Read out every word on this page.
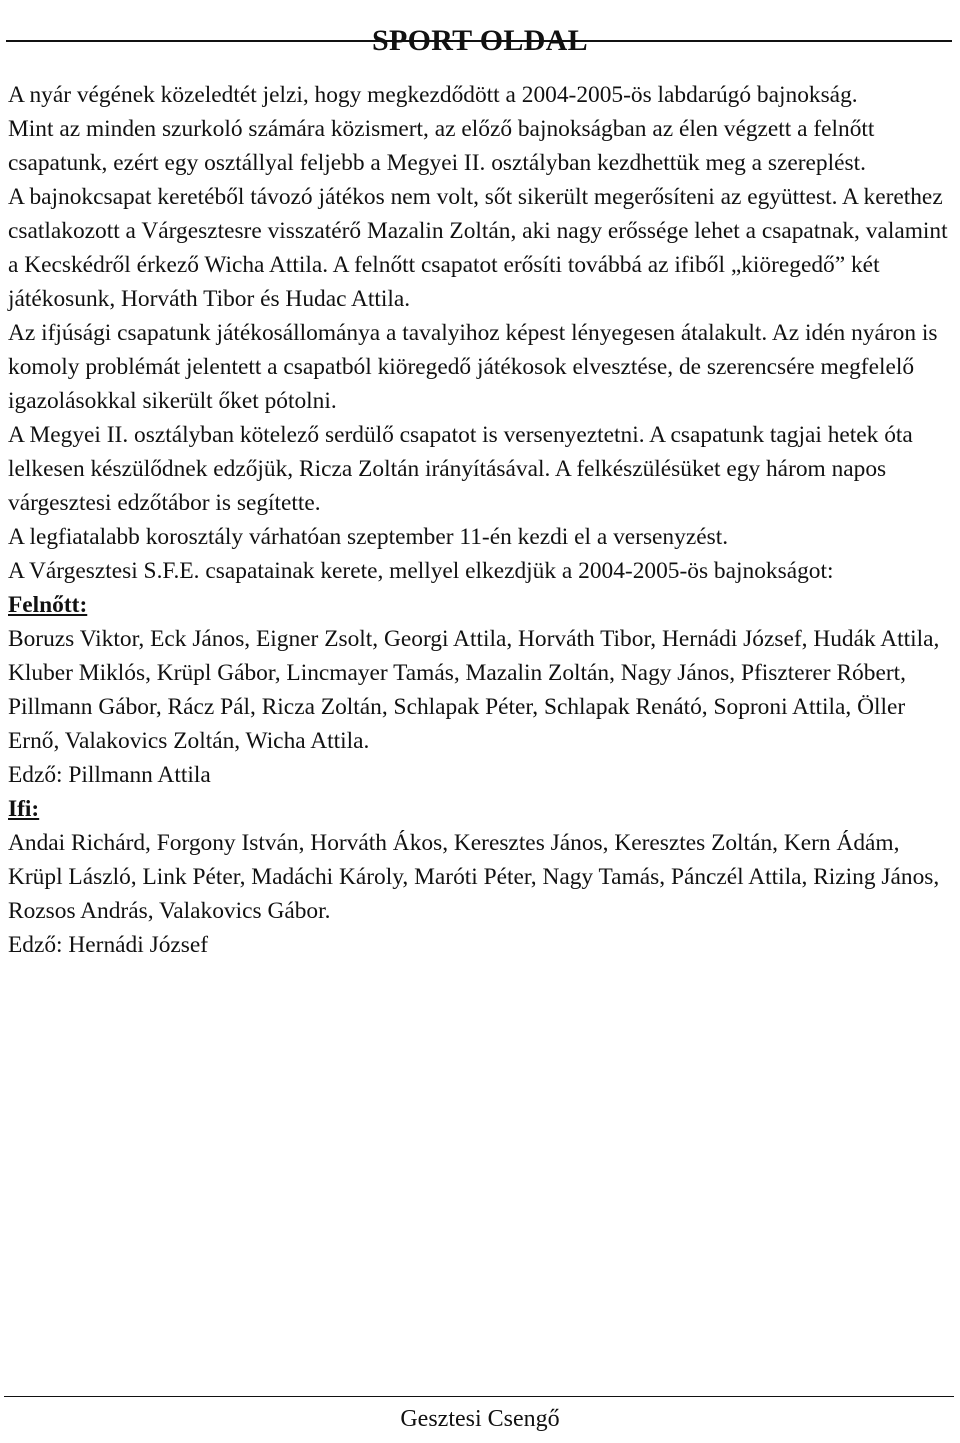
SPORT OLDAL

A nyár végének közeledtét jelzi, hogy megkezdődött a 2004-2005-ös labdarúgó bajnokság.

Mint az minden szurkoló számára közismert, az előző bajnokságban az élen végzett a felnőtt csapatunk, ezért egy osztállyal feljebb a Megyei II. osztályban kezdhettük meg a szereplést.

A bajnokcsapat keretéből távozó játékos nem volt, sőt sikerült megerősíteni az együttest. A kerethez csatlakozott a Várgesztesre visszatérő Mazalin Zoltán, aki nagy erőssége lehet a csapatnak, valamint a Kecskédről érkező Wicha Attila. A felnőtt csapatot erősíti továbbá az ifiből „kiöregedő” két játékosunk, Horváth Tibor és Hudac Attila.

Az ifjúsági csapatunk játékosállománya a tavalyihoz képest lényegesen átalakult. Az idén nyáron is komoly problémát jelentett a csapatból kiöregedő játékosok elvesztése, de szerencsére megfelelő igazolásokkal sikerült őket pótolni.

A Megyei II. osztályban kötelező serdülő csapatot is versenyeztetni. A csapatunk tagjai hetek óta lelkesen készülődnek edzőjük, Ricza Zoltán irányításával. A felkészülésüket egy három napos várgesztesi edzőtábor is segítette.

A legfiatalabb korosztály várhatóan szeptember 11-én kezdi el a versenyzést.

A Várgesztesi S.F.E. csapatainak kerete, mellyel elkezdjük a 2004-2005-ös bajnokságot:

Felnőtt:

Boruzs Viktor, Eck János, Eigner Zsolt, Georgi Attila, Horváth Tibor, Hernádi József, Hudák Attila, Kluber Miklós, Krüpl Gábor, Lincmayer Tamás, Mazalin Zoltán, Nagy János, Pfiszterer Róbert, Pillmann Gábor, Rácz Pál, Ricza Zoltán, Schlapak Péter, Schlapak Renátó, Soproni Attila, Öller Ernő, Valakovics Zoltán, Wicha Attila.

Edző: Pillmann Attila

Ifi:

Andai Richárd, Forgony István, Horváth Ákos, Keresztes János, Keresztes Zoltán, Kern Ádám, Krüpl László, Link Péter, Madáchi Károly, Maróti Péter, Nagy Tamás, Pánczél Attila, Rizing János, Rozsos András, Valakovics Gábor.

Edző: Hernádi József

Gesztesi Csengő
